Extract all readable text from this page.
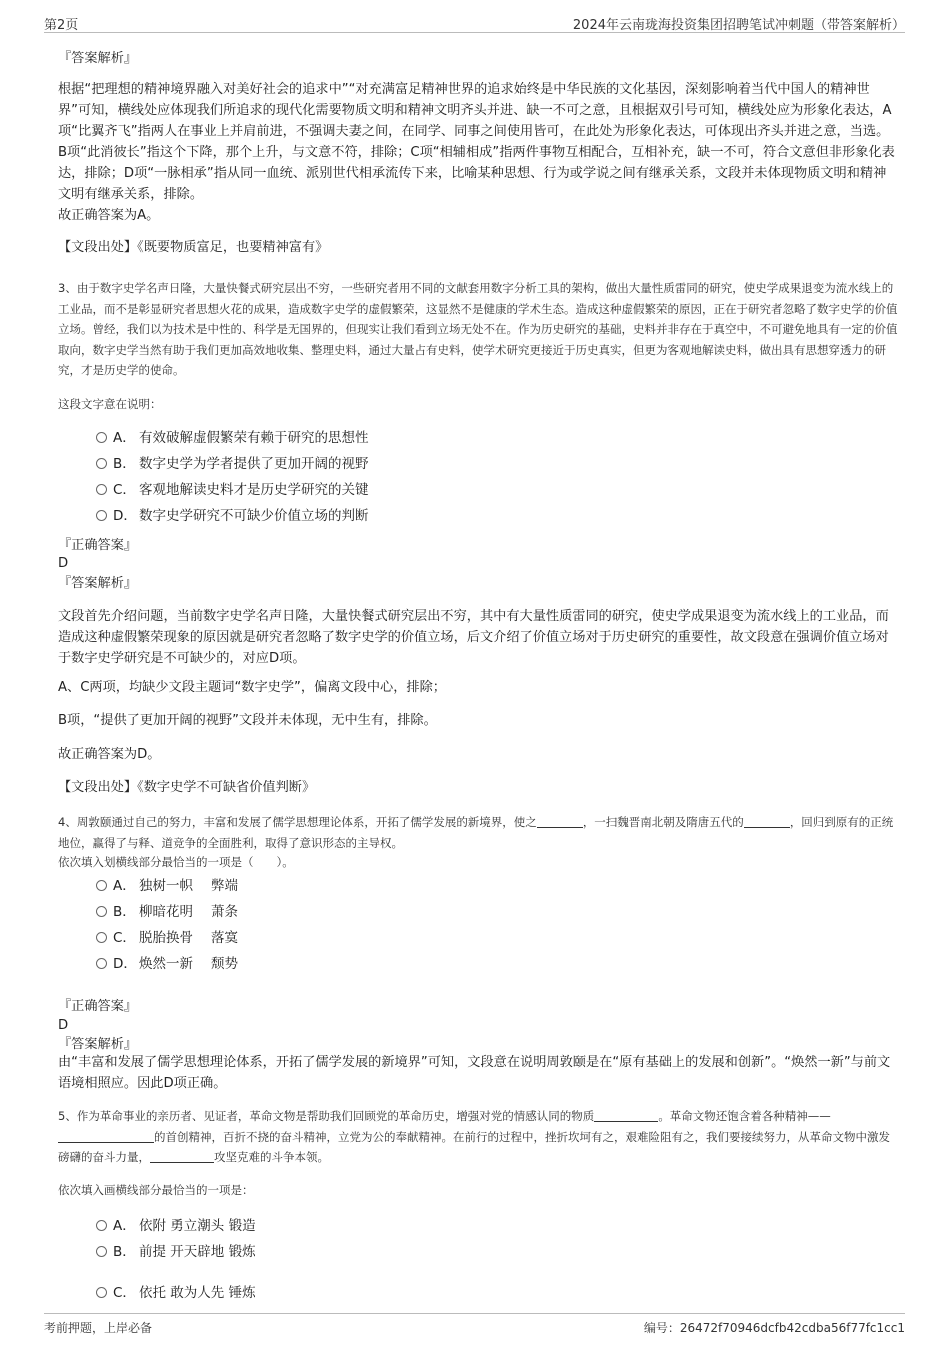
第2页	2024年云南珑海投资集团招聘笔试冲刺题（带答案解析）
『答案解析』

根据“把理想的精神境界融入对美好社会的追求中”“对充满富足精神世界的追求始终是中华民族的文化基因，深刻影响着当代中国人的精神世界”可知，横线处应体现我们所追求的现代化需要物质文明和精神文明齐头并进、缺一不可之意，且根据双引号可知，横线处应为形象化表达，A项“比翼齐飞”指两人在事业上并肩前进，不强调夫妻之间，在同学、同事之间使用皆可，在此处为形象化表达，可体现出齐头并进之意，当选。B项“此消彼长”指这个下降，那个上升，与文意不符，排除；C项“相辅相成”指两件事物互相配合，互相补充，缺一不可，符合文意但非形象化表达，排除；D项“一脉相承”指从同一血统、派别世代相承流传下来，比喻某种思想、行为或学说之间有继承关系，文段并未体现物质文明和精神文明有继承关系，排除。

故正确答案为A。

【文段出处】《既要物质富足，也要精神富有》

3、由于数字史学名声日隆，大量快餐式研究层出不穷，一些研究者用不同的文献套用数字分析工具的架构，做出大量性质雷同的研究，使史学成果退变为流水线上的工业品，而不是彰显研究者思想火花的成果，造成数字史学的虚假繁荣，这显然不是健康的学术生态。造成这种虚假繁荣的原因，正在于研究者忽略了数字史学的价值立场。曾经，我们以为技术是中性的、科学是无国界的，但现实让我们看到立场无处不在。作为历史研究的基础，史料并非存在于真空中，不可避免地具有一定的价值取向，数字史学当然有助于我们更加高效地收集、整理史料，通过大量占有史料，使学术研究更接近于历史真实，但更为客观地解读史料，做出具有思想穿透力的研究，才是历史学的使命。

这段文字意在说明：

A． 有效破解虚假繁荣有赖于研究的思想性
B． 数字史学为学者提供了更加开阔的视野
C． 客观地解读史料才是历史学研究的关键
D． 数字史学研究不可缺少价值立场的判断
『正确答案』
D
『答案解析』

文段首先介绍问题，当前数字史学名声日隆，大量快餐式研究层出不穷，其中有大量性质雷同的研究，使史学成果退变为流水线上的工业品，而造成这种虚假繁荣现象的原因就是研究者忽略了数字史学的价值立场，后文介绍了价值立场对于历史研究的重要性，故文段意在强调价值立场对于数字史学研究是不可缺少的，对应D项。

A、C两项，均缺少文段主题词“数字史学”，偏离文段中心，排除；

B项，“提供了更加开阔的视野”文段并未体现，无中生有，排除。

故正确答案为D。

【文段出处】《数字史学不可缺省价值判断》

4、周敦颐通过自己的努力，丰富和发展了儒学思想理论体系，开拓了儒学发展的新境界，使之	，一扫魏晋南北朝及隋唐五代的	，回归到原有的正统地位，赢得了与释、道竞争的全面胜利，取得了意识形态的主导权。

依次填入划横线部分最恰当的一项是（　　）。

A． 独树一帜 弊端
B． 柳暗花明 萧条
C． 脱胎换骨 落寞
D． 焕然一新 颓势
『正确答案』
D
『答案解析』

由“丰富和发展了儒学思想理论体系，开拓了儒学发展的新境界”可知，文段意在说明周敦颐是在“原有基础上的发展和创新”。“焕然一新”与前文语境相照应。因此D项正确。

5、作为革命事业的亲历者、见证者，革命文物是帮助我们回顾党的革命历史，增强对党的情感认同的物质	。革命文物还饱含着各种精神——的首创精神，百折不挠的奋斗精神，立党为公的奉献精神。在前行的过程中，挫折坎坷有之，艰难险阻有之，我们要接续努力，从革命文物中激发磅礴的奋斗力量，	攻坚克难的斗争本领。

依次填入画横线部分最恰当的一项是：

A． 依附 勇立潮头 锻造
B． 前提 开天辟地 锻炼
C． 依托 敢为人先 锤炼
考前押题，上岸必备	编号：26472f70946dcfb42cdba56f77fc1cc1
